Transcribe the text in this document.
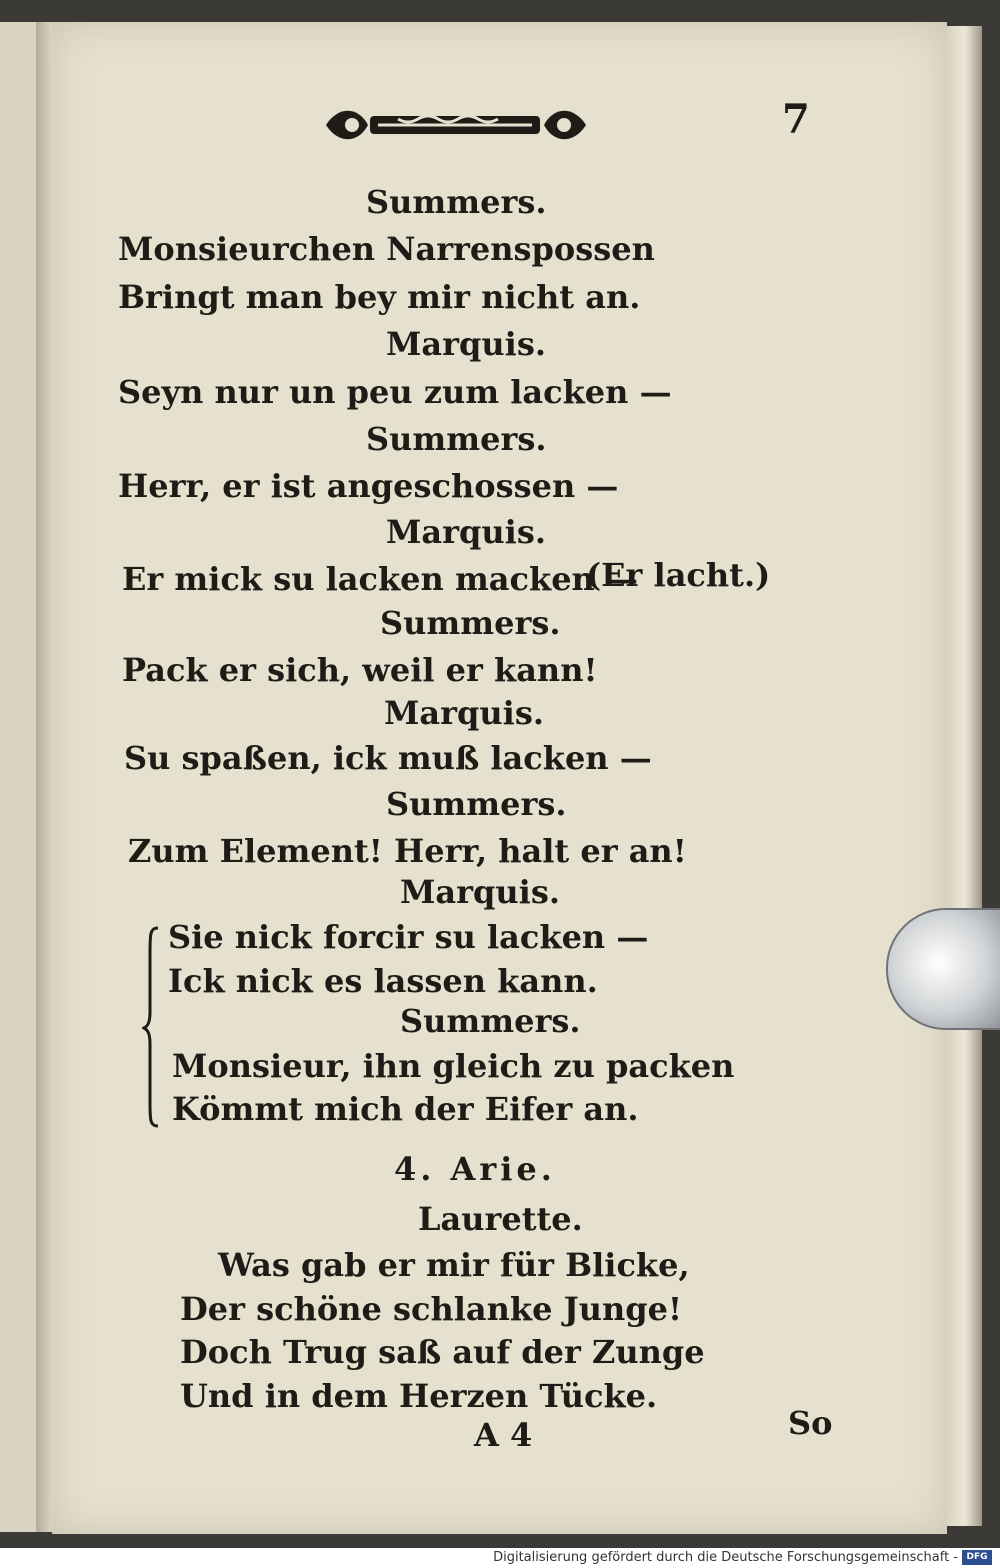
7
Summers.
Monsieurchen Narrenspossen
Bringt man bey mir nicht an.
Marquis.
Seyn nur un peu zum lacken —
Summers.
Herr, er ist angeschossen —
Marquis.
Er mick su lacken macken —
(Er lacht.)
Summers.
Pack er sich, weil er kann!
Marquis.
Su spaßen, ick muß lacken —
Summers.
Zum Element! Herr, halt er an!
Marquis.
Sie nick forcir su lacken —
Ick nick es lassen kann.
Summers.
Monsieur, ihn gleich zu packen
Kömmt mich der Eifer an.
4. Arie.
Laurette.
Was gab er mir für Blicke,
Der schöne schlanke Junge!
Doch Trug saß auf der Zunge
Und in dem Herzen Tücke.
A 4	So
Digitalisierung gefördert durch die Deutsche Forschungsgemeinschaft - DFG
